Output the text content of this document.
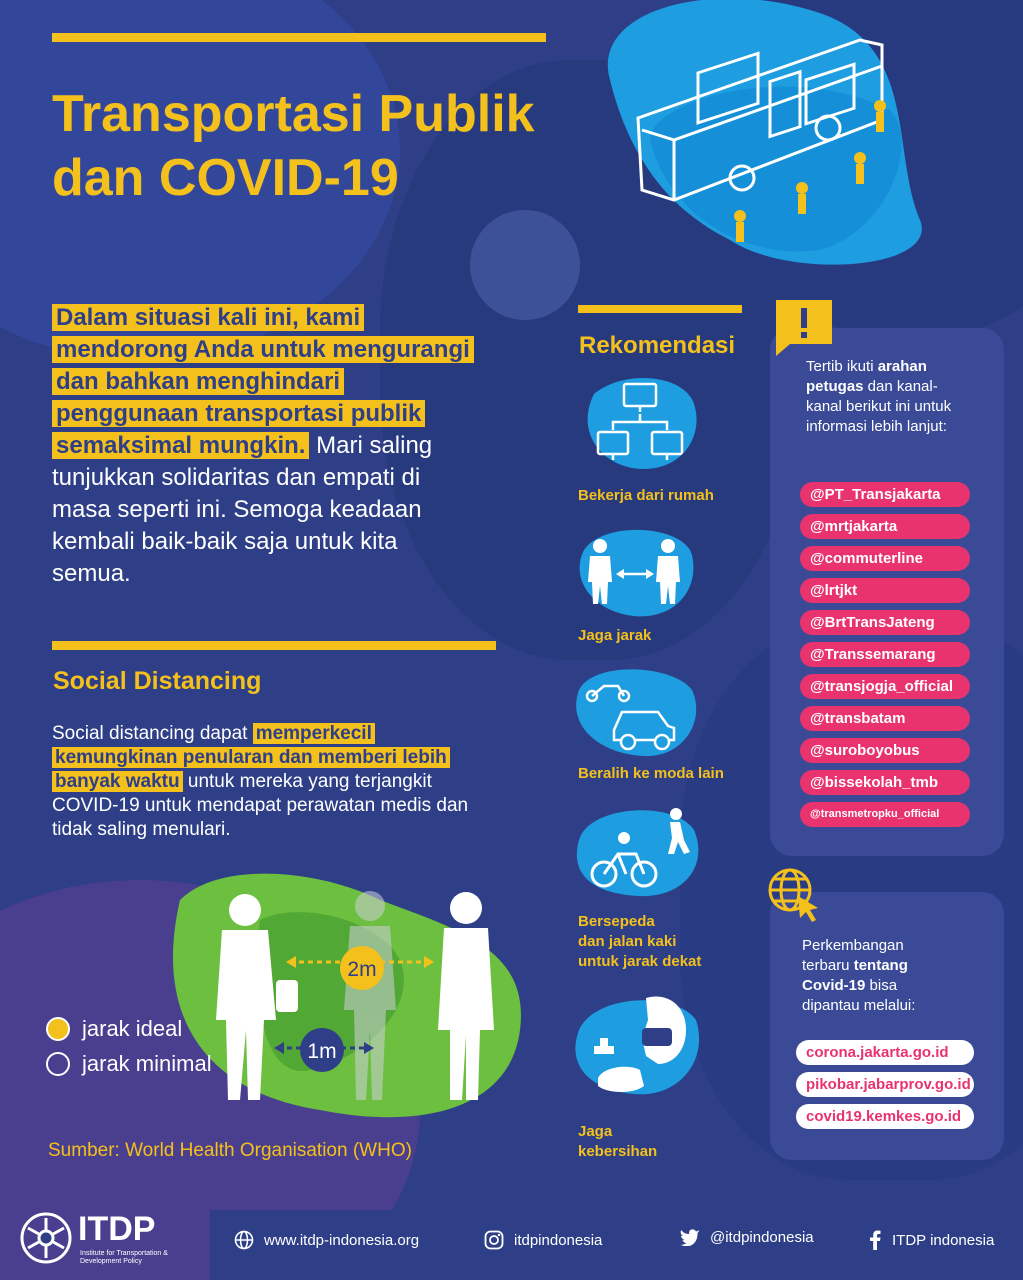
Transportasi Publik
dan COVID-19
Dalam situasi kali ini, kami mendorong Anda untuk mengurangi dan bahkan menghindari penggunaan transportasi publik semaksimal mungkin. Mari saling tunjukkan solidaritas dan empati di masa seperti ini. Semoga keadaan kembali baik-baik saja untuk kita semua.
Social Distancing
Social distancing dapat memperkecil kemungkinan penularan dan memberi lebih banyak waktu untuk mereka yang terjangkit COVID-19 untuk mendapat perawatan medis dan tidak saling menulari.
2m
1m
jarak ideal
jarak minimal
Sumber: World Health Organisation (WHO)
Rekomendasi
Bekerja dari rumah
Jaga jarak
Beralih ke moda lain
Bersepeda
dan jalan kaki
untuk jarak dekat
Jaga
kebersihan
Tertib ikuti arahan petugas dan kanal-kanal berikut ini untuk informasi lebih lanjut:
@PT_Transjakarta
@mrtjakarta
@commuterline
@lrtjkt
@BrtTransJateng
@Transsemarang
@transjogja_official
@transbatam
@suroboyobus
@bissekolah_tmb
@transmetropku_official
Perkembangan terbaru tentang Covid-19 bisa dipantau melalui:
corona.jakarta.go.id
pikobar.jabarprov.go.id
covid19.kemkes.go.id
ITDP
Institute for Transportation & Development Policy
www.itdp-indonesia.org	itdpindonesia	@itdpindonesia	ITDP indonesia
